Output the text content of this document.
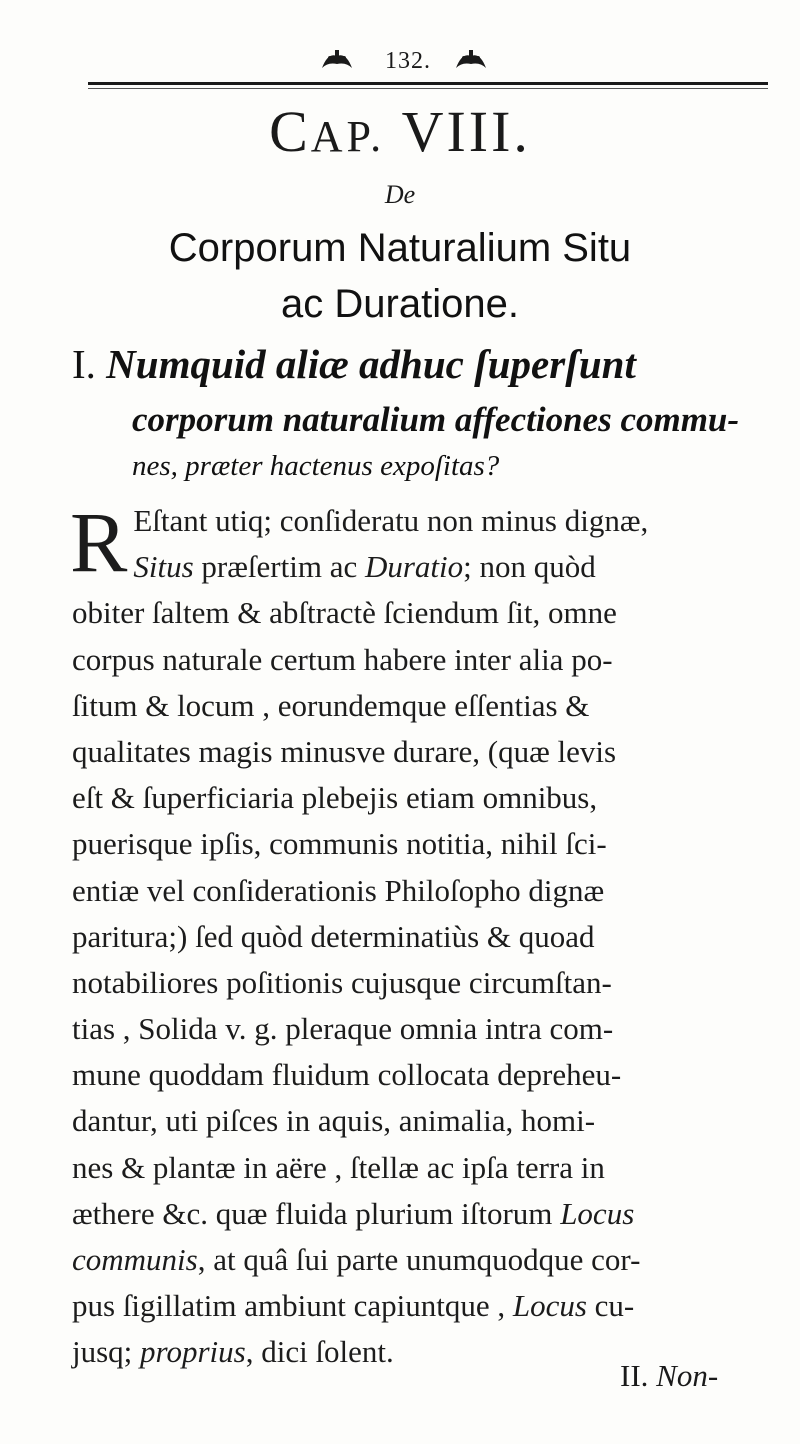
132.
CAP. VIII.
De
Corporum Naturalium Situ
ac Duratione.
I. Numquid aliæ adhuc ſuperſunt
corporum naturalium affectiones commu-
nes, præter hactenus expoſitas?
R Eſtant utiq; conſideratu non minus dignæ,
Situs præſertim ac Duratio; non quòd
obiter ſaltem & abſtractè ſciendum ſit, omne
corpus naturale certum habere inter alia po-
ſitum & locum , eorundemque eſſentias &
qualitates magis minusve durare, (quæ levis
eſt & ſuperficiaria plebejis etiam omnibus,
puerisque ipſis, communis notitia, nihil ſci-
entiæ vel conſiderationis Philoſopho dignæ
paritura;) ſed quòd determinatiùs & quoad
notabiliores poſitionis cujusque circumſtan-
tias , Solida v. g. pleraque omnia intra com-
mune quoddam fluidum collocata depreheu-
dantur, uti piſces in aquis, animalia, homi-
nes & plantæ in aëre , ſtellæ ac ipſa terra in
æthere &c. quæ fluida plurium iſtorum Locus
communis, at quâ ſui parte unumquodque cor-
pus ſigillatim ambiunt capiuntque , Locus cu-
jusq; proprius, dici ſolent.
II. Non-
